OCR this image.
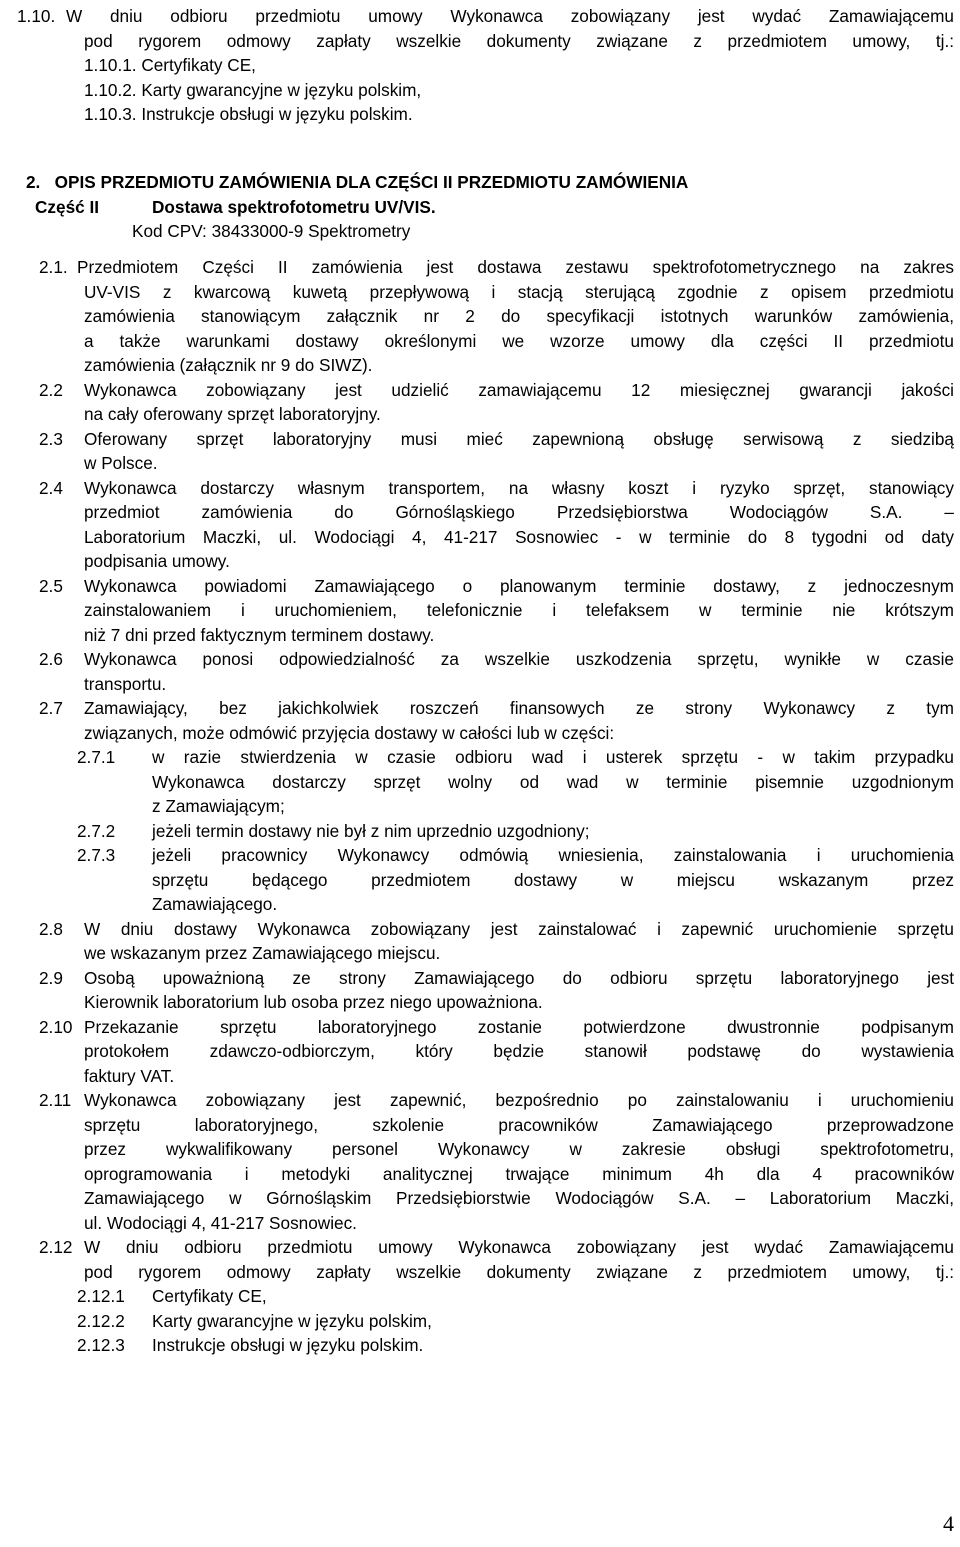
1.10. W dniu odbioru przedmiotu umowy Wykonawca zobowiązany jest wydać Zamawiającemu
pod rygorem odmowy zapłaty wszelkie dokumenty związane z przedmiotem umowy, tj.:
1.10.1. Certyfikaty CE,
1.10.2. Karty gwarancyjne w języku polskim,
1.10.3. Instrukcje obsługi w języku polskim.
2.   OPIS PRZEDMIOTU ZAMÓWIENIA DLA CZĘŚCI II PRZEDMIOTU ZAMÓWIENIA
Część II	Dostawa spektrofotometru UV/VIS.
Kod CPV: 38433000-9 Spektrometry
2.1. Przedmiotem Części II zamówienia jest dostawa zestawu spektrofotometrycznego na zakres
UV-VIS z kwarcową kuwetą przepływową i stacją sterującą zgodnie z opisem przedmiotu
zamówienia stanowiącym załącznik nr 2 do specyfikacji istotnych warunków zamówienia,
a także warunkami dostawy określonymi we wzorze umowy dla części II przedmiotu
zamówienia (załącznik nr 9 do SIWZ).
2.2 Wykonawca zobowiązany jest udzielić zamawiającemu 12 miesięcznej gwarancji jakości
na cały oferowany sprzęt laboratoryjny.
2.3 Oferowany sprzęt laboratoryjny musi mieć zapewnioną obsługę serwisową z siedzibą
w Polsce.
2.4 Wykonawca dostarczy własnym transportem, na własny koszt i ryzyko sprzęt, stanowiący
przedmiot zamówienia do Górnośląskiego Przedsiębiorstwa Wodociągów S.A. –
Laboratorium Maczki, ul. Wodociągi 4, 41-217 Sosnowiec - w terminie do 8 tygodni od daty
podpisania umowy.
2.5 Wykonawca powiadomi Zamawiającego o planowanym terminie dostawy, z jednoczesnym
zainstalowaniem i uruchomieniem, telefonicznie i telefaksem w terminie nie krótszym
niż 7 dni przed faktycznym terminem dostawy.
2.6 Wykonawca ponosi odpowiedzialność za wszelkie uszkodzenia sprzętu, wynikłe w czasie
transportu.
2.7 Zamawiający, bez jakichkolwiek roszczeń finansowych ze strony Wykonawcy z tym
związanych, może odmówić przyjęcia dostawy w całości lub w części:
2.7.1 w razie stwierdzenia w czasie odbioru wad i usterek sprzętu - w takim przypadku
Wykonawca dostarczy sprzęt wolny od wad w terminie pisemnie uzgodnionym
z Zamawiającym;
2.7.2 jeżeli termin dostawy nie był z nim uprzednio uzgodniony;
2.7.3 jeżeli pracownicy Wykonawcy odmówią wniesienia, zainstalowania i uruchomienia
sprzętu będącego przedmiotem dostawy w miejscu wskazanym przez
Zamawiającego.
2.8 W dniu dostawy Wykonawca zobowiązany jest zainstalować i zapewnić uruchomienie sprzętu
we wskazanym przez Zamawiającego miejscu.
2.9 Osobą upoważnioną ze strony Zamawiającego do odbioru sprzętu laboratoryjnego jest
Kierownik laboratorium lub osoba przez niego upoważniona.
2.10 Przekazanie sprzętu laboratoryjnego zostanie potwierdzone dwustronnie podpisanym
protokołem zdawczo-odbiorczym, który będzie stanowił podstawę do wystawienia
faktury VAT.
2.11 Wykonawca zobowiązany jest zapewnić, bezpośrednio po zainstalowaniu i uruchomieniu
sprzętu laboratoryjnego, szkolenie pracowników Zamawiającego przeprowadzone
przez wykwalifikowany personel Wykonawcy w zakresie obsługi spektrofotometru,
oprogramowania i metodyki analitycznej trwające minimum 4h dla 4 pracowników
Zamawiającego w Górnośląskim Przedsiębiorstwie Wodociągów S.A. – Laboratorium Maczki,
ul. Wodociągi 4, 41-217 Sosnowiec.
2.12 W dniu odbioru przedmiotu umowy Wykonawca zobowiązany jest wydać Zamawiającemu
pod rygorem odmowy zapłaty wszelkie dokumenty związane z przedmiotem umowy, tj.:
2.12.1 Certyfikaty CE,
2.12.2 Karty gwarancyjne w języku polskim,
2.12.3 Instrukcje obsługi w języku polskim.
4
